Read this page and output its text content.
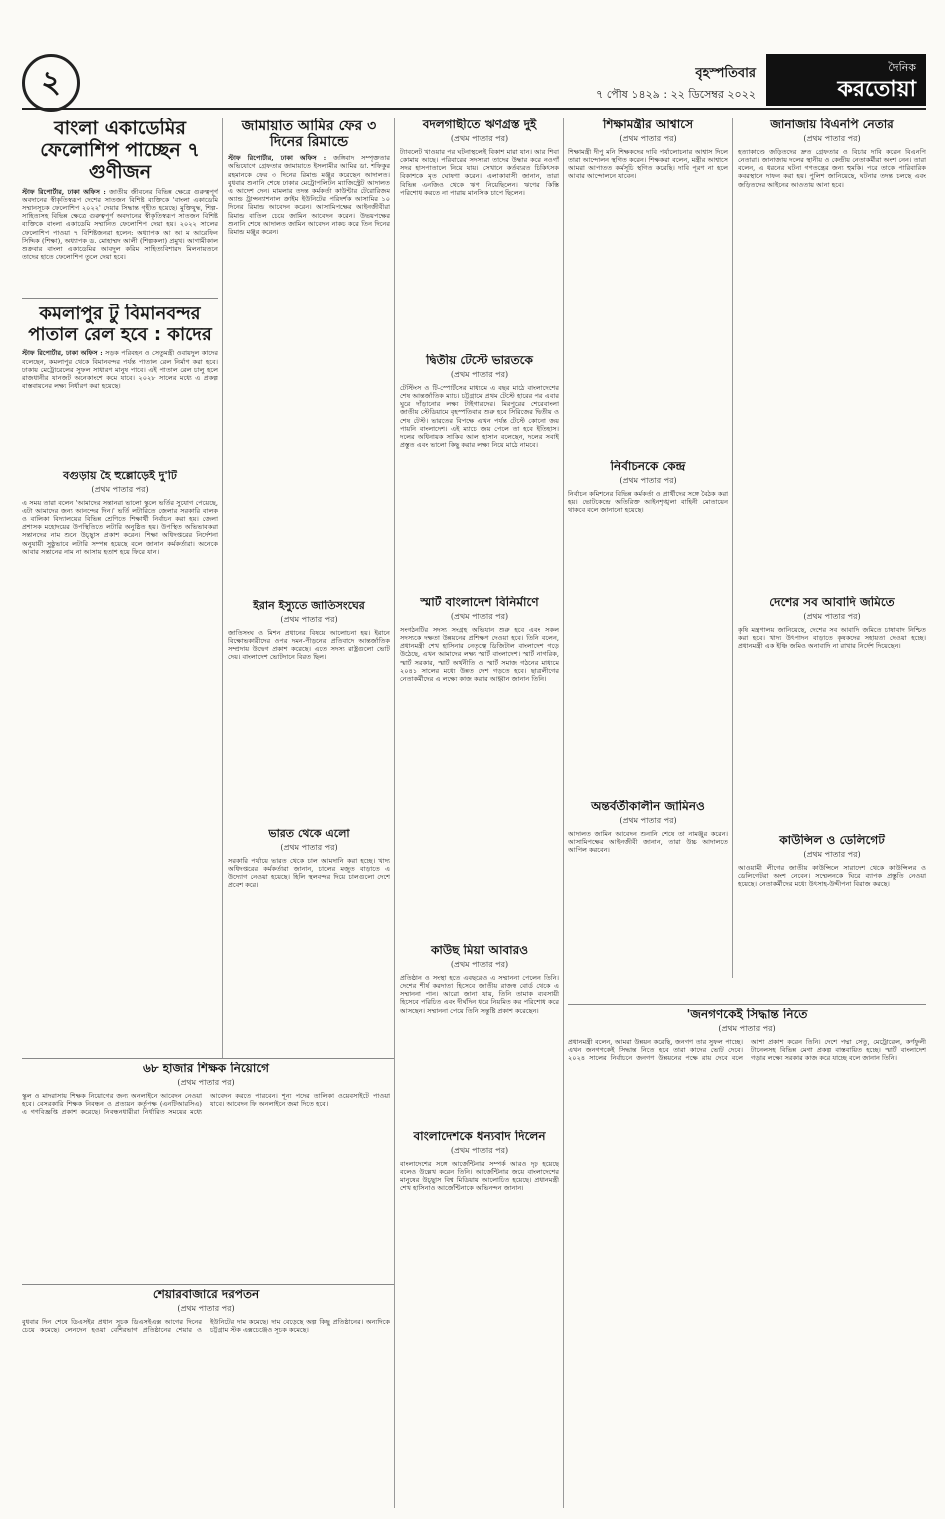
২	বৃহস্পতিবার
৭ পৌষ ১৪২৯ : ২২ ডিসেম্বর ২০২২
দৈনিক
করতোয়া
বাংলা একাডেমির ফেলোশিপ পাচ্ছেন ৭ গুণীজন
স্টাফ রিপোর্টার, ঢাকা অফিস : জাতীয় জীবনের বিভিন্ন ক্ষেত্রে গুরুত্বপূর্ণ অবদানের স্বীকৃতিস্বরূপ দেশের সাতজন বিশিষ্ট ব্যক্তিকে 'বাংলা একাডেমি সম্মানসূচক ফেলোশিপ ২০২২' দেয়ার সিদ্ধান্ত গৃহীত হয়েছে। মুক্তিযুদ্ধ, শিল্প-সাহিত্যসহ বিভিন্ন ক্ষেত্রে গুরুত্বপূর্ণ অবদানের স্বীকৃতিস্বরূপ সাতজন বিশিষ্ট ব্যক্তিকে বাংলা একাডেমি সম্মানিত ফেলোশিপ দেয়া হয়। ২০২২ সালের ফেলোশিপ পাওয়া ৭ বিশিষ্টজনরা হলেন: অধ্যাপক আ আ ম আরেফিন সিদ্দিক (শিক্ষা), অধ্যাপক ড. মোহাম্মদ আলী (শিল্পকলা) প্রমুখ। আগামীকাল শুক্রবার বাংলা একাডেমির আবদুল করিম সাহিত্যবিশারদ মিলনায়তনে তাদের হাতে ফেলোশিপ তুলে দেয়া হবে।
কমলাপুর টু বিমানবন্দর পাতাল রেল হবে : কাদের
স্টাফ রিপোর্টার, ঢাকা অফিস : সড়ক পরিবহন ও সেতুমন্ত্রী ওবায়দুল কাদের বলেছেন, কমলাপুর থেকে বিমানবন্দর পর্যন্ত পাতাল রেল নির্মাণ করা হবে। ঢাকায় মেট্রোরেলের সুফল সাধারণ মানুষ পাবে। এই পাতাল রেল চালু হলে রাজধানীর যানজট অনেকাংশে কমে যাবে। ২০২৮ সালের মধ্যে এ প্রকল্প বাস্তবায়নের লক্ষ্য নির্ধারণ করা হয়েছে।
বগুড়ায় হৈ হুল্লোড়েই দু'টি
(প্রথম পাতার পর)
এ সময় তারা বলেন 'আমাদের সন্তানরা ভালো স্কুলে ভর্তির সুযোগ পেয়েছে, এটা আমাদের জন্য আনন্দের দিন।' ভর্তি লটারিতে জেলার সরকারি বালক ও বালিকা বিদ্যালয়ের বিভিন্ন শ্রেণিতে শিক্ষার্থী নির্বাচন করা হয়। জেলা প্রশাসক মহোদয়ের উপস্থিতিতে লটারি অনুষ্ঠিত হয়। উপস্থিত অভিভাবকরা সন্তানদের নাম শুনে উচ্ছ্বাস প্রকাশ করেন। শিক্ষা অধিদপ্তরের নির্দেশনা অনুযায়ী সুষ্ঠুভাবে লটারি সম্পন্ন হয়েছে বলে জানান কর্মকর্তারা। অনেকে আবার সন্তানের নাম না আসায় হতাশ হয়ে ফিরে যান।
জামায়াত আমির ফের ৩ দিনের রিমান্ডে
স্টাফ রিপোর্টার, ঢাকা অফিস : জঙ্গিবাদ সম্পৃক্ততার অভিযোগে গ্রেফতার জামায়াতে ইসলামীর আমির ডা. শফিকুর রহমানকে ফের ৩ দিনের রিমান্ড মঞ্জুর করেছেন আদালত। বুধবার শুনানি শেষে ঢাকার মেট্রোপলিটন ম্যাজিস্ট্রেট আদালত এ আদেশ দেন। মামলার তদন্ত কর্মকর্তা কাউন্টার টেরোরিজম অ্যান্ড ট্রান্সন্যাশনাল ক্রাইম ইউনিটের পরিদর্শক আসামির ১০ দিনের রিমান্ড আবেদন করেন। আসামিপক্ষের আইনজীবীরা রিমান্ড বাতিল চেয়ে জামিন আবেদন করেন। উভয়পক্ষের শুনানি শেষে আদালত জামিন আবেদন নাকচ করে তিন দিনের রিমান্ড মঞ্জুর করেন।
ইরান ইস্যুতে জাতিসংঘের
(প্রথম পাতার পর)
জাতিসংঘ ও মিশন প্রধানের বিষয়ে আলোচনা হয়। ইরানে বিক্ষোভকারীদের ওপর দমন-পীড়নের প্রতিবাদে আন্তর্জাতিক সম্প্রদায় উদ্বেগ প্রকাশ করেছে। এতে সদস্য রাষ্ট্রগুলো ভোট দেয়। বাংলাদেশ ভোটদানে বিরত ছিল।
ভারত থেকে এলো
(প্রথম পাতার পর)
সরকারি পর্যায়ে ভারত থেকে চাল আমদানি করা হচ্ছে। খাদ্য অধিদপ্তরের কর্মকর্তারা জানান, চালের মজুত বাড়াতে এ উদ্যোগ নেওয়া হয়েছে। হিলি স্থলবন্দর দিয়ে চালগুলো দেশে প্রবেশ করে।
৬৮ হাজার শিক্ষক নিয়োগে
(প্রথম পাতার পর)
স্কুল ও মাদরাসায় শিক্ষক নিয়োগের জন্য অনলাইনে আবেদন নেওয়া হবে। বেসরকারি শিক্ষক নিবন্ধন ও প্রত্যয়ন কর্তৃপক্ষ (এনটিআরসিএ) এ গণবিজ্ঞপ্তি প্রকাশ করেছে। নিবন্ধনধারীরা নির্ধারিত সময়ের মধ্যে আবেদন করতে পারবেন। শূন্য পদের তালিকা ওয়েবসাইটে পাওয়া যাবে। আবেদন ফি অনলাইনে জমা দিতে হবে।
শেয়ারবাজারে দরপতন
(প্রথম পাতার পর)
বুধবার দিন শেষে ডিএসইর প্রধান সূচক ডিএসইএক্স আগের দিনের চেয়ে কমেছে। লেনদেন হওয়া বেশিরভাগ প্রতিষ্ঠানের শেয়ার ও ইউনিটের দাম কমেছে। দাম বেড়েছে অল্প কিছু প্রতিষ্ঠানের। অন্যদিকে চট্টগ্রাম স্টক এক্সচেঞ্জেও সূচক কমেছে।
বদলগাছীতে ঋণগ্রস্ত দুই
(প্রথম পাতার পর)
ট্যাবলেট খাওয়ার পর ঘটনাস্থলেই বিকাশ মারা যান। আর শিবা কোমায় আছে। পরিবারের সদস্যরা তাদের উদ্ধার করে নওগাঁ সদর হাসপাতালে নিয়ে যায়। সেখানে কর্তব্যরত চিকিৎসক বিকাশকে মৃত ঘোষণা করেন। এলাকাবাসী জানান, তারা বিভিন্ন এনজিও থেকে ঋণ নিয়েছিলেন। ঋণের কিস্তি পরিশোধ করতে না পারায় মানসিক চাপে ছিলেন।
দ্বিতীয় টেস্টে ভারতকে
(প্রথম পাতার পর)
টেস্টিংস ও টি-স্পোর্টসের মাধ্যমে এ বছর মাঠে বাংলাদেশের শেষ আন্তর্জাতিক ম্যাচ। চট্টগ্রামে প্রথম টেস্টে হারের পর এবার ঘুরে দাঁড়ানোর লক্ষ্য টাইগারদের। মিরপুরের শেরেবাংলা জাতীয় স্টেডিয়ামে বৃহস্পতিবার শুরু হবে সিরিজের দ্বিতীয় ও শেষ টেস্ট। ভারতের বিপক্ষে এখন পর্যন্ত টেস্টে কোনো জয় পায়নি বাংলাদেশ। এই ম্যাচে জয় পেলে তা হবে ইতিহাস। দলের অধিনায়ক সাকিব আল হাসান বলেছেন, দলের সবাই প্রস্তুত এবং ভালো কিছু করার লক্ষ্য নিয়ে মাঠে নামবে।
স্মার্ট বাংলাদেশ বিনির্মাণে
(প্রথম পাতার পর)
সংগঠনটির সদস্য সংগ্রহ অভিযান শুরু হবে এবং সকল সদস্যকে দক্ষতা উন্নয়নের প্রশিক্ষণ দেওয়া হবে। তিনি বলেন, প্রধানমন্ত্রী শেখ হাসিনার নেতৃত্বে ডিজিটাল বাংলাদেশ গড়ে উঠেছে, এখন আমাদের লক্ষ্য স্মার্ট বাংলাদেশ। স্মার্ট নাগরিক, স্মার্ট সরকার, স্মার্ট অর্থনীতি ও স্মার্ট সমাজ গঠনের মাধ্যমে ২০৪১ সালের মধ্যে উন্নত দেশ গড়তে হবে। ছাত্রলীগের নেতাকর্মীদের এ লক্ষ্যে কাজ করার আহ্বান জানান তিনি।
কাউছ মিয়া আবারও
(প্রথম পাতার পর)
প্রতিষ্ঠান ও সংস্থা হতে এবছরেও এ সম্মাননা পেলেন তিনি। দেশের শীর্ষ করদাতা হিসেবে জাতীয় রাজস্ব বোর্ড থেকে এ সম্মাননা পান। আরো জানা যায়, তিনি তামাক ব্যবসায়ী হিসেবে পরিচিত এবং দীর্ঘদিন ধরে নিয়মিত কর পরিশোধ করে আসছেন। সম্মাননা পেয়ে তিনি সন্তুষ্টি প্রকাশ করেছেন।
বাংলাদেশকে ধন্যবাদ দিলেন
(প্রথম পাতার পর)
বাংলাদেশের সঙ্গে আর্জেন্টিনার সম্পর্ক আরও দৃঢ় হয়েছে বলেও উল্লেখ করেন তিনি। আর্জেন্টিনার জয়ে বাংলাদেশের মানুষের উচ্ছ্বাস বিশ্ব মিডিয়ায় আলোচিত হয়েছে। প্রধানমন্ত্রী শেখ হাসিনাও আর্জেন্টিনাকে অভিনন্দন জানান।
শিক্ষামন্ত্রীর আশ্বাসে
(প্রথম পাতার পর)
শিক্ষামন্ত্রী দীপু মনি শিক্ষকদের দাবি পর্যালোচনার আশ্বাস দিলে তারা আন্দোলন স্থগিত করেন। শিক্ষকরা বলেন, মন্ত্রীর আশ্বাসে আমরা আপাতত কর্মসূচি স্থগিত করেছি। দাবি পূরণ না হলে আবার আন্দোলনে যাবেন।
নির্বাচনকে কেন্দ্র
(প্রথম পাতার পর)
নির্বাচন কমিশনের বিভিন্ন কর্মকর্তা ও প্রার্থীদের সঙ্গে বৈঠক করা হয়। ভোটকেন্দ্রে অতিরিক্ত আইনশৃঙ্খলা বাহিনী মোতায়েন থাকবে বলে জানানো হয়েছে।
অন্তর্বর্তীকালীন জামিনও
(প্রথম পাতার পর)
আদালত জামিন আবেদন শুনানি শেষে তা নামঞ্জুর করেন। আসামিপক্ষের আইনজীবী জানান, তারা উচ্চ আদালতে আপিল করবেন।
জানাজায় বিএনপি নেতার
(প্রথম পাতার পর)
হত্যাকাণ্ডে জড়িতদের দ্রুত গ্রেফতার ও বিচার দাবি করেন বিএনপি নেতারা। জানাজায় দলের স্থানীয় ও কেন্দ্রীয় নেতাকর্মীরা অংশ নেন। তারা বলেন, এ ধরনের ঘটনা গণতন্ত্রের জন্য হুমকি। পরে তাকে পারিবারিক কবরস্থানে দাফন করা হয়। পুলিশ জানিয়েছে, ঘটনার তদন্ত চলছে এবং জড়িতদের আইনের আওতায় আনা হবে।
দেশের সব আবাদি জমিতে
(প্রথম পাতার পর)
কৃষি মন্ত্রণালয় জানিয়েছে, দেশের সব আবাদি জমিতে চাষাবাদ নিশ্চিত করা হবে। খাদ্য উৎপাদন বাড়াতে কৃষকদের সহায়তা দেওয়া হচ্ছে। প্রধানমন্ত্রী এক ইঞ্চি জমিও অনাবাদি না রাখার নির্দেশ দিয়েছেন।
কাউন্সিল ও ডেলিগেট
(প্রথম পাতার পর)
আওয়ামী লীগের জাতীয় কাউন্সিলে সারাদেশ থেকে কাউন্সিলর ও ডেলিগেটরা অংশ নেবেন। সম্মেলনকে ঘিরে ব্যাপক প্রস্তুতি নেওয়া হয়েছে। নেতাকর্মীদের মধ্যে উৎসাহ-উদ্দীপনা বিরাজ করছে।
'জনগণকেই সিদ্ধান্ত নিতে
(প্রথম পাতার পর)
প্রধানমন্ত্রী বলেন, আমরা উন্নয়ন করেছি, জনগণ তার সুফল পাচ্ছে। এখন জনগণকেই সিদ্ধান্ত নিতে হবে তারা কাদের ভোট দেবে। ২০২৪ সালের নির্বাচনে জনগণ উন্নয়নের পক্ষে রায় দেবে বলে আশা প্রকাশ করেন তিনি। দেশে পদ্মা সেতু, মেট্রোরেল, কর্ণফুলী টানেলসহ বিভিন্ন মেগা প্রকল্প বাস্তবায়িত হচ্ছে। স্মার্ট বাংলাদেশ গড়ার লক্ষ্যে সরকার কাজ করে যাচ্ছে বলে জানান তিনি।
